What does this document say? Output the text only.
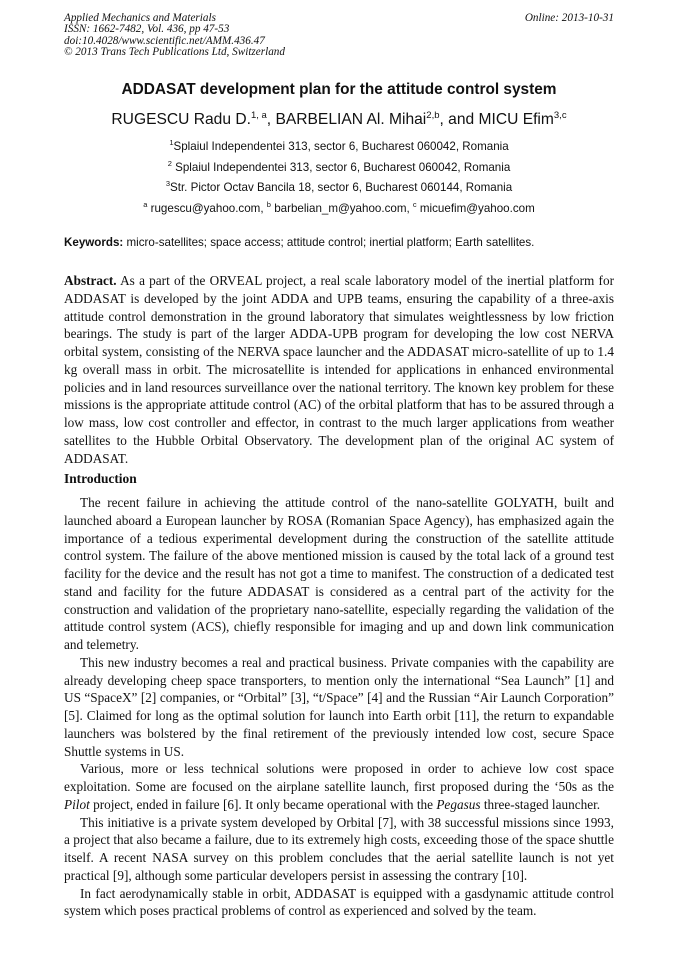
Applied Mechanics and Materials
ISSN: 1662-7482, Vol. 436, pp 47-53
doi:10.4028/www.scientific.net/AMM.436.47
© 2013 Trans Tech Publications Ltd, Switzerland
Online: 2013-10-31
ADDASAT development plan for the attitude control system
RUGESCU Radu D.$^{1, a}$, BARBELIAN Al. Mihai$^{2,b}$, and MICU Efim$^{3,c}$
$^1$Splaiul Independentei 313, sector 6, Bucharest 060042, Romania
$^2$ Splaiul Independentei 313, sector 6, Bucharest 060042, Romania
$^3$Str. Pictor Octav Bancila 18, sector 6, Bucharest 060144, Romania
$^a$ rugescu@yahoo.com, $^b$ barbelian_m@yahoo.com, $^c$ micuefim@yahoo.com
Keywords: micro-satellites; space access; attitude control; inertial platform; Earth satellites.
Abstract. As a part of the ORVEAL project, a real scale laboratory model of the inertial platform for ADDASAT is developed by the joint ADDA and UPB teams, ensuring the capability of a three-axis attitude control demonstration in the ground laboratory that simulates weightlessness by low friction bearings. The study is part of the larger ADDA-UPB program for developing the low cost NERVA orbital system, consisting of the NERVA space launcher and the ADDASAT micro-satellite of up to 1.4 kg overall mass in orbit. The microsatellite is intended for applications in enhanced environmental policies and in land resources surveillance over the national territory. The known key problem for these missions is the appropriate attitude control (AC) of the orbital platform that has to be assured through a low mass, low cost controller and effector, in contrast to the much larger applications from weather satellites to the Hubble Orbital Observatory. The development plan of the original AC system of ADDASAT.
Introduction

The recent failure in achieving the attitude control of the nano-satellite GOLYATH, built and launched aboard a European launcher by ROSA (Romanian Space Agency), has emphasized again the importance of a tedious experimental development during the construction of the satellite attitude control system. The failure of the above mentioned mission is caused by the total lack of a ground test facility for the device and the result has not got a time to manifest. The construction of a dedicated test stand and facility for the future ADDASAT is considered as a central part of the activity for the construction and validation of the proprietary nano-satellite, especially regarding the validation of the attitude control system (ACS), chiefly responsible for imaging and up and down link communication and telemetry.

This new industry becomes a real and practical business. Private companies with the capability are already developing cheep space transporters, to mention only the international “Sea Launch” [1] and US “SpaceX” [2] companies, or “Orbital” [3], “t/Space” [4] and the Russian “Air Launch Corporation” [5]. Claimed for long as the optimal solution for launch into Earth orbit [11], the return to expandable launchers was bolstered by the final retirement of the previously intended low cost, secure Space Shuttle systems in US.

Various, more or less technical solutions were proposed in order to achieve low cost space exploitation. Some are focused on the airplane satellite launch, first proposed during the ‘50s as the Pilot project, ended in failure [6]. It only became operational with the Pegasus three-staged launcher.

This initiative is a private system developed by Orbital [7], with 38 successful missions since 1993, a project that also became a failure, due to its extremely high costs, exceeding those of the space shuttle itself. A recent NASA survey on this problem concludes that the aerial satellite launch is not yet practical [9], although some particular developers persist in assessing the contrary [10].

In fact aerodynamically stable in orbit, ADDASAT is equipped with a gasdynamic attitude control system which poses practical problems of control as experienced and solved by the team.
